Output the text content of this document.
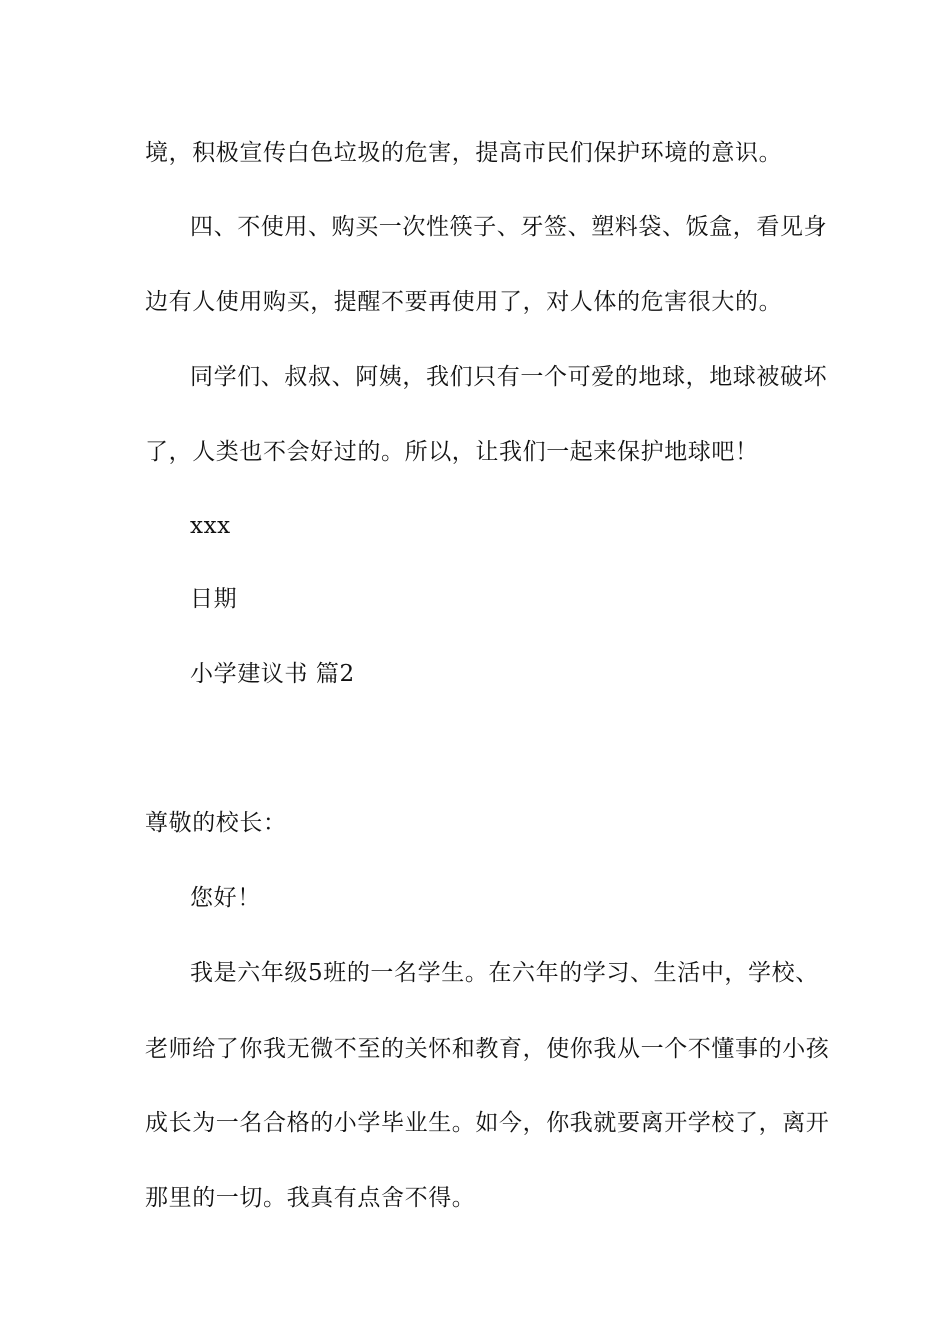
境，积极宣传白色垃圾的危害，提高市民们保护环境的意识。
四、不使用、购买一次性筷子、牙签、塑料袋、饭盒，看见身
边有人使用购买，提醒不要再使用了，对人体的危害很大的。
同学们、叔叔、阿姨，我们只有一个可爱的地球，地球被破坏
了，人类也不会好过的。所以，让我们一起来保护地球吧！
xxx
日期
小学建议书 篇2
尊敬的校长：
您好！
我是六年级5班的一名学生。在六年的学习、生活中，学校、
老师给了你我无微不至的关怀和教育，使你我从一个不懂事的小孩
成长为一名合格的小学毕业生。如今，你我就要离开学校了，离开
那里的一切。我真有点舍不得。
